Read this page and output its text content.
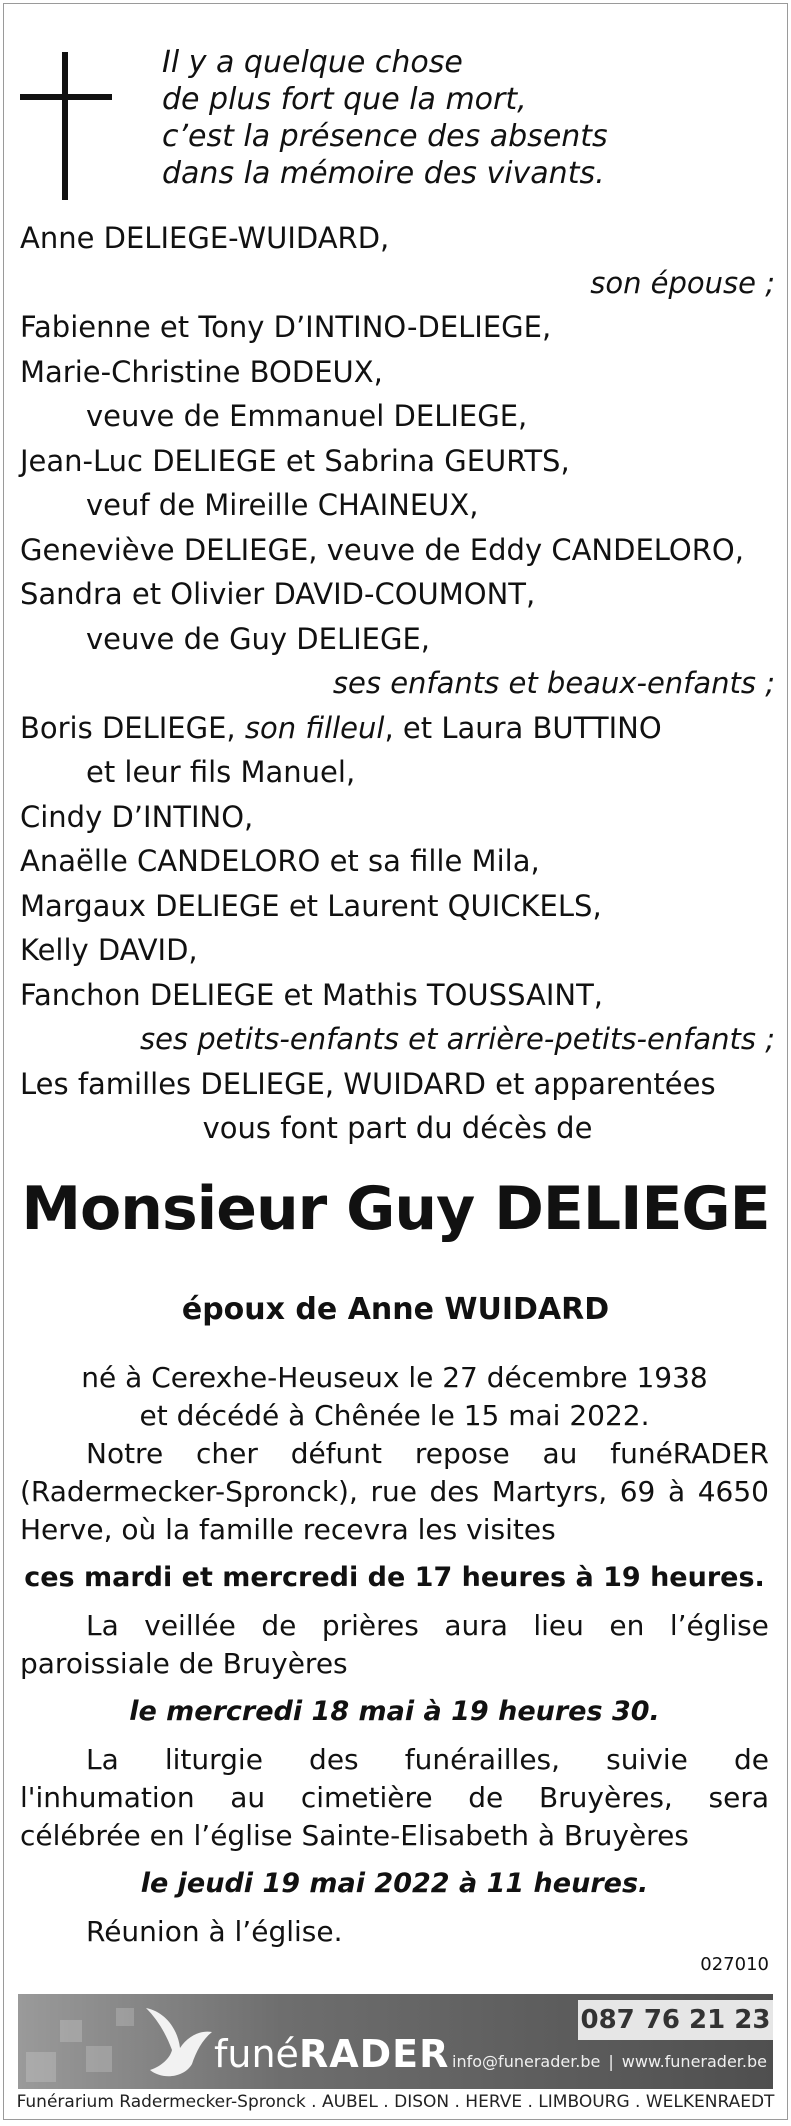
Il y a quelque chose
de plus fort que la mort,
c’est la présence des absents
dans la mémoire des vivants.
Anne DELIEGE-WUIDARD,
son épouse ;
Fabienne et Tony D’INTINO-DELIEGE,
Marie-Christine BODEUX,
veuve de Emmanuel DELIEGE,
Jean-Luc DELIEGE et Sabrina GEURTS,
veuf de Mireille CHAINEUX,
Geneviève DELIEGE, veuve de Eddy CANDELORO,
Sandra et Olivier DAVID-COUMONT,
veuve de Guy DELIEGE,
ses enfants et beaux-enfants ;
Boris DELIEGE, son filleul, et Laura BUTTINO
et leur fils Manuel,
Cindy D’INTINO,
Anaëlle CANDELORO et sa fille Mila,
Margaux DELIEGE et Laurent QUICKELS,
Kelly DAVID,
Fanchon DELIEGE et Mathis TOUSSAINT,
ses petits-enfants et arrière-petits-enfants ;
Les familles DELIEGE, WUIDARD et apparentées
vous font part du décès de
Monsieur Guy DELIEGE
époux de Anne WUIDARD
né à Cerexhe-Heuseux le 27 décembre 1938
et décédé à Chênée le 15 mai 2022.
Notre cher défunt repose au funéRADER
(Radermecker-Spronck), rue des Martyrs, 69 à 4650
Herve, où la famille recevra les visites
ces mardi et mercredi de 17 heures à 19 heures.
La veillée de prières aura lieu en l’église
paroissiale de Bruyères
le mercredi 18 mai à 19 heures 30.
La liturgie des funérailles, suivie de
l'inhumation au cimetière de Bruyères, sera
célébrée en l’église Sainte-Elisabeth à Bruyères
le jeudi 19 mai 2022 à 11 heures.
Réunion à l’église.
027010
funéRADER
087 76 21 23
info@funerader.be | www.funerader.be
Funérarium Radermecker-Spronck . AUBEL . DISON . HERVE . LIMBOURG . WELKENRAEDT
